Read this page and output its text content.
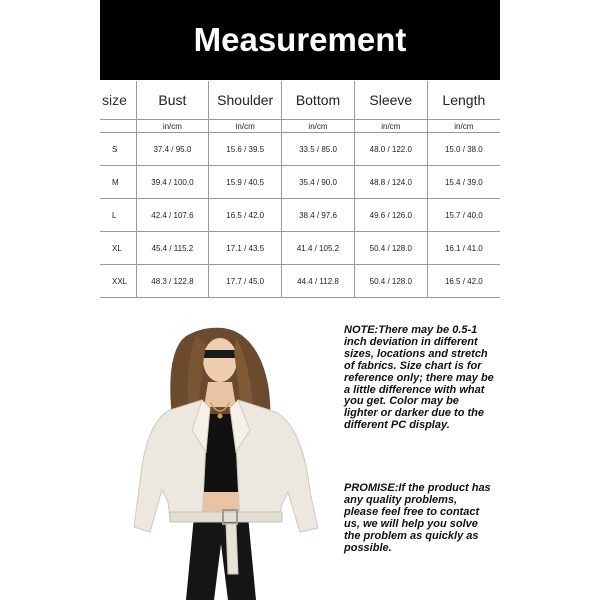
Measurement
size	Bust	Shoulder	Bottom	Sleeve	Length
	in/cm	in/cm	in/cm	in/cm	in/cm
S	37.4 / 95.0	15.6 / 39.5	33.5 / 85.0	48.0 / 122.0	15.0 / 38.0
M	39.4 / 100.0	15.9 / 40.5	35.4 / 90.0	48.8 / 124.0	15.4 / 39.0
L	42.4 / 107.6	16.5 / 42.0	38.4 / 97.6	49.6 / 126.0	15.7 / 40.0
XL	45.4 / 115.2	17.1 / 43.5	41.4 / 105.2	50.4 / 128.0	16.1 / 41.0
XXL	48.3 / 122.8	17.7 / 45.0	44.4 / 112.8	50.4 / 128.0	16.5 / 42.0
NOTE:There may be 0.5-1 inch deviation in different sizes, locations and stretch of fabrics. Size chart is for reference only; there may be a little difference with what you get. Color may be lighter or darker due to the different PC display.
PROMISE:If the product has any quality problems, please feel free to contact us, we will help you solve the problem as quickly as possible.
